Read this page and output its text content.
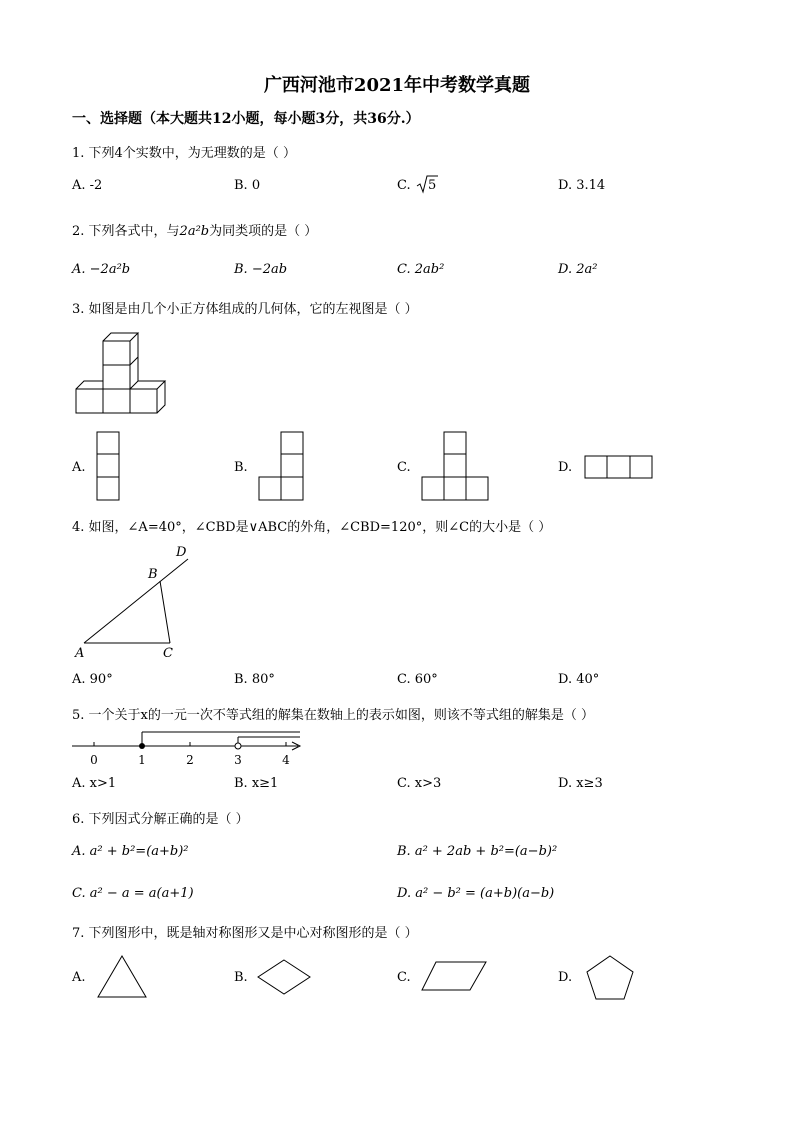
广西河池市2021年中考数学真题
一、选择题（本大题共12小题，每小题3分，共36分.）
1. 下列4个实数中，为无理数的是（ ）
A. -2	B. 0	C. 5	D. 3.14
2. 下列各式中，与2a²b为同类项的是（ ）
A. −2a²b	B. −2ab	C. 2ab²	D. 2a²
3. 如图是由几个小正方体组成的几何体，它的左视图是（ ）
A.	B.	C.	D.
4. 如图，∠A=40°，∠CBD是∨ABC的外角，∠CBD=120°，则∠C的大小是（ ）
D
B
A	C
A. 90°	B. 80°	C. 60°	D. 40°
5. 一个关于x的一元一次不等式组的解集在数轴上的表示如图，则该不等式组的解集是（ ）
0	1	2	3	4
A. x>1	B. x≥1	C. x>3	D. x≥3
6. 下列因式分解正确的是（ ）
A. a² + b²=(a+b)²	B. a² + 2ab + b²=(a−b)²
C. a² − a = a(a+1)	D. a² − b² = (a+b)(a−b)
7. 下列图形中，既是轴对称图形又是中心对称图形的是（ ）
A.	B.	C.	D.
